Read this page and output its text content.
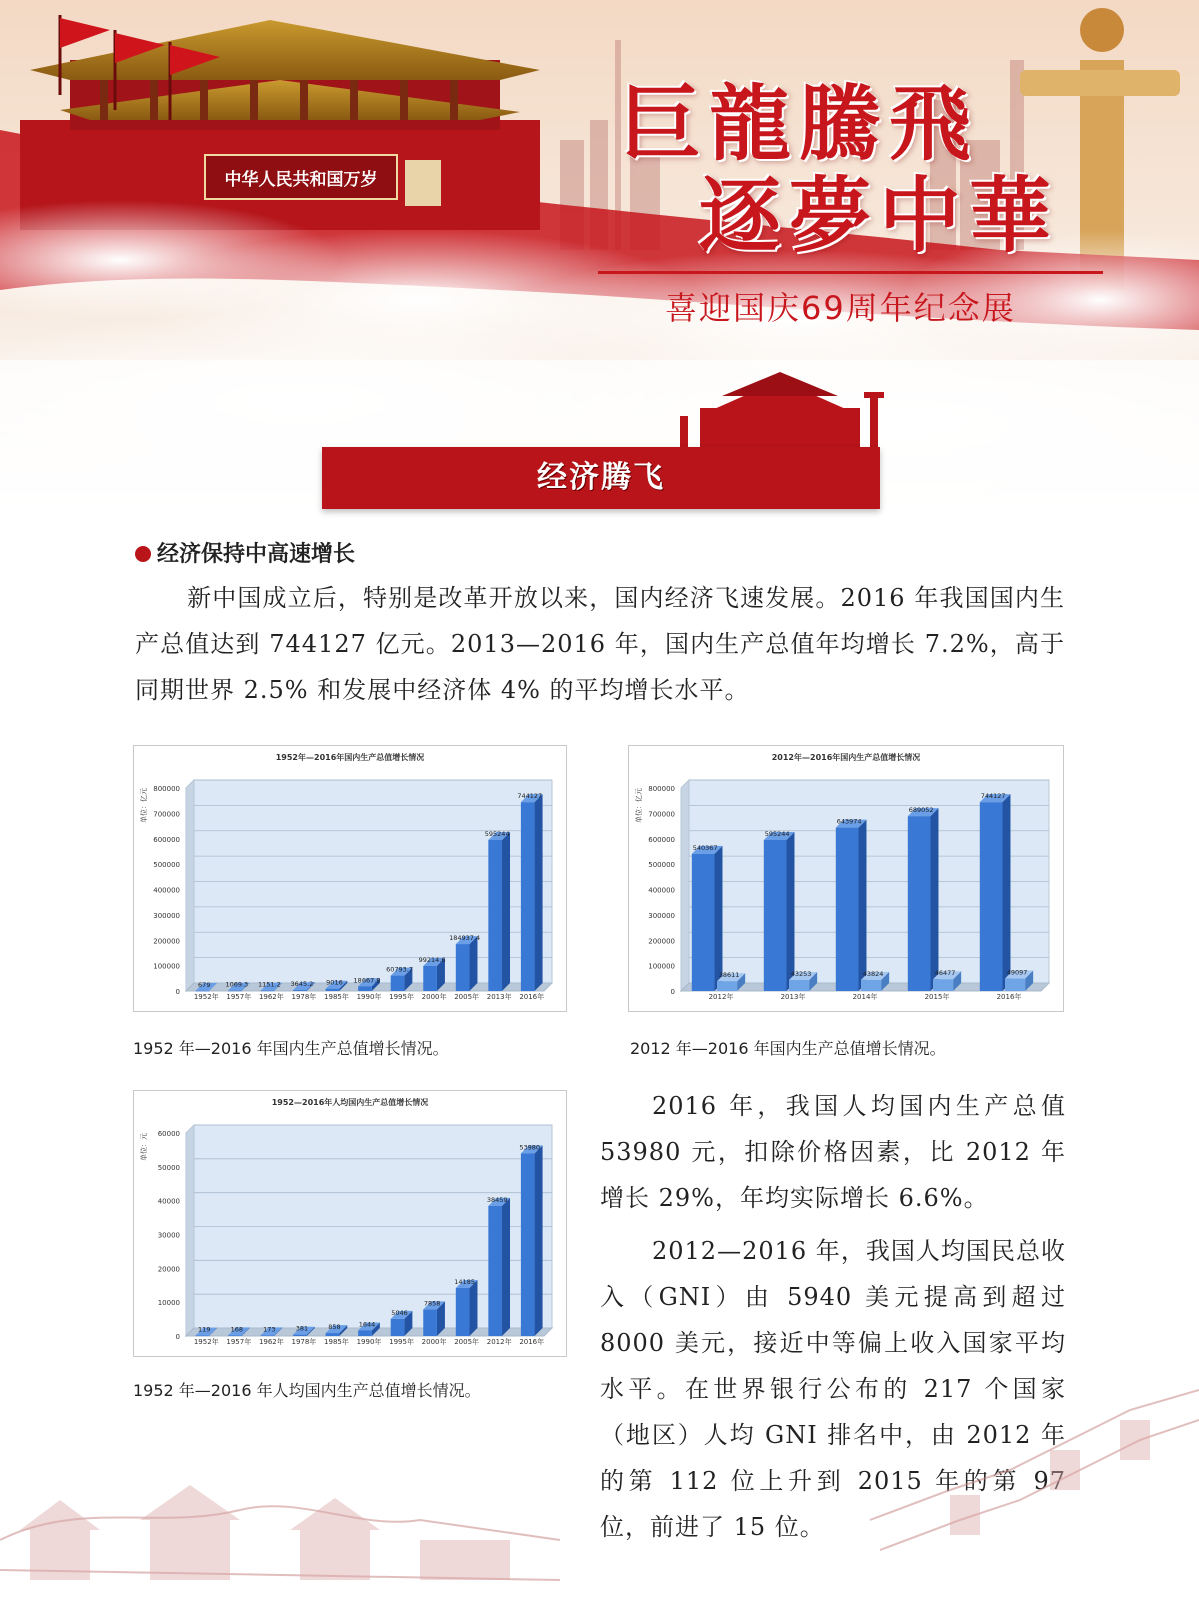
中华人民共和国万岁
巨龍騰飛
逐夢中華
喜迎国庆69周年纪念展
经济腾飞
经济保持中高速增长
新中国成立后，特别是改革开放以来，国内经济飞速发展。2016 年我国国内生产总值达到 744127 亿元。2013—2016 年，国内生产总值年均增长 7.2%，高于同期世界 2.5% 和发展中经济体 4% 的平均增长水平。
0
100000
200000
300000
400000
500000
600000
700000
800000
1952年—2016年国内生产总值增长情况
单位：亿元
1952年 1957年 1962年 1978年 1985年 1990年 1995年 2000年 2005年 2013年 2016年
679 1069.3 1151.2 3645.2 9016 18667.8
60793.7
99214.6
184937.4
595244
744127
0
100000
200000
300000
400000
500000
600000
700000
800000
2012年—2016年国内生产总值增长情况
单位：亿元
2012年	2013年	2014年	2015年	2016年
540367
595244
643974
689052
744127
38611	43253	43824	46477	49097
0
10000
20000
30000
40000
50000
60000
1952—2016年人均国内生产总值增长情况
单位：元
1952年 1957年 1962年 1978年 1985年 1990年 1995年 2000年 2005年 2012年 2016年
119	168	173	381	858	1644
5046
7858
14185
38459
53980
1952 年—2016 年国内生产总值增长情况。	2012 年—2016 年国内生产总值增长情况。
1952 年—2016 年人均国内生产总值增长情况。
2016 年，我国人均国内生产总值 53980 元，扣除价格因素，比 2012 年增长 29%，年均实际增长 6.6%。
2012—2016 年，我国人均国民总收入（GNI）由 5940 美元提高到超过 8000 美元，接近中等偏上收入国家平均水平。在世界银行公布的 217 个国家（地区）人均 GNI 排名中，由 2012 年的第 112 位上升到 2015 年的第 97 位，前进了 15 位。
